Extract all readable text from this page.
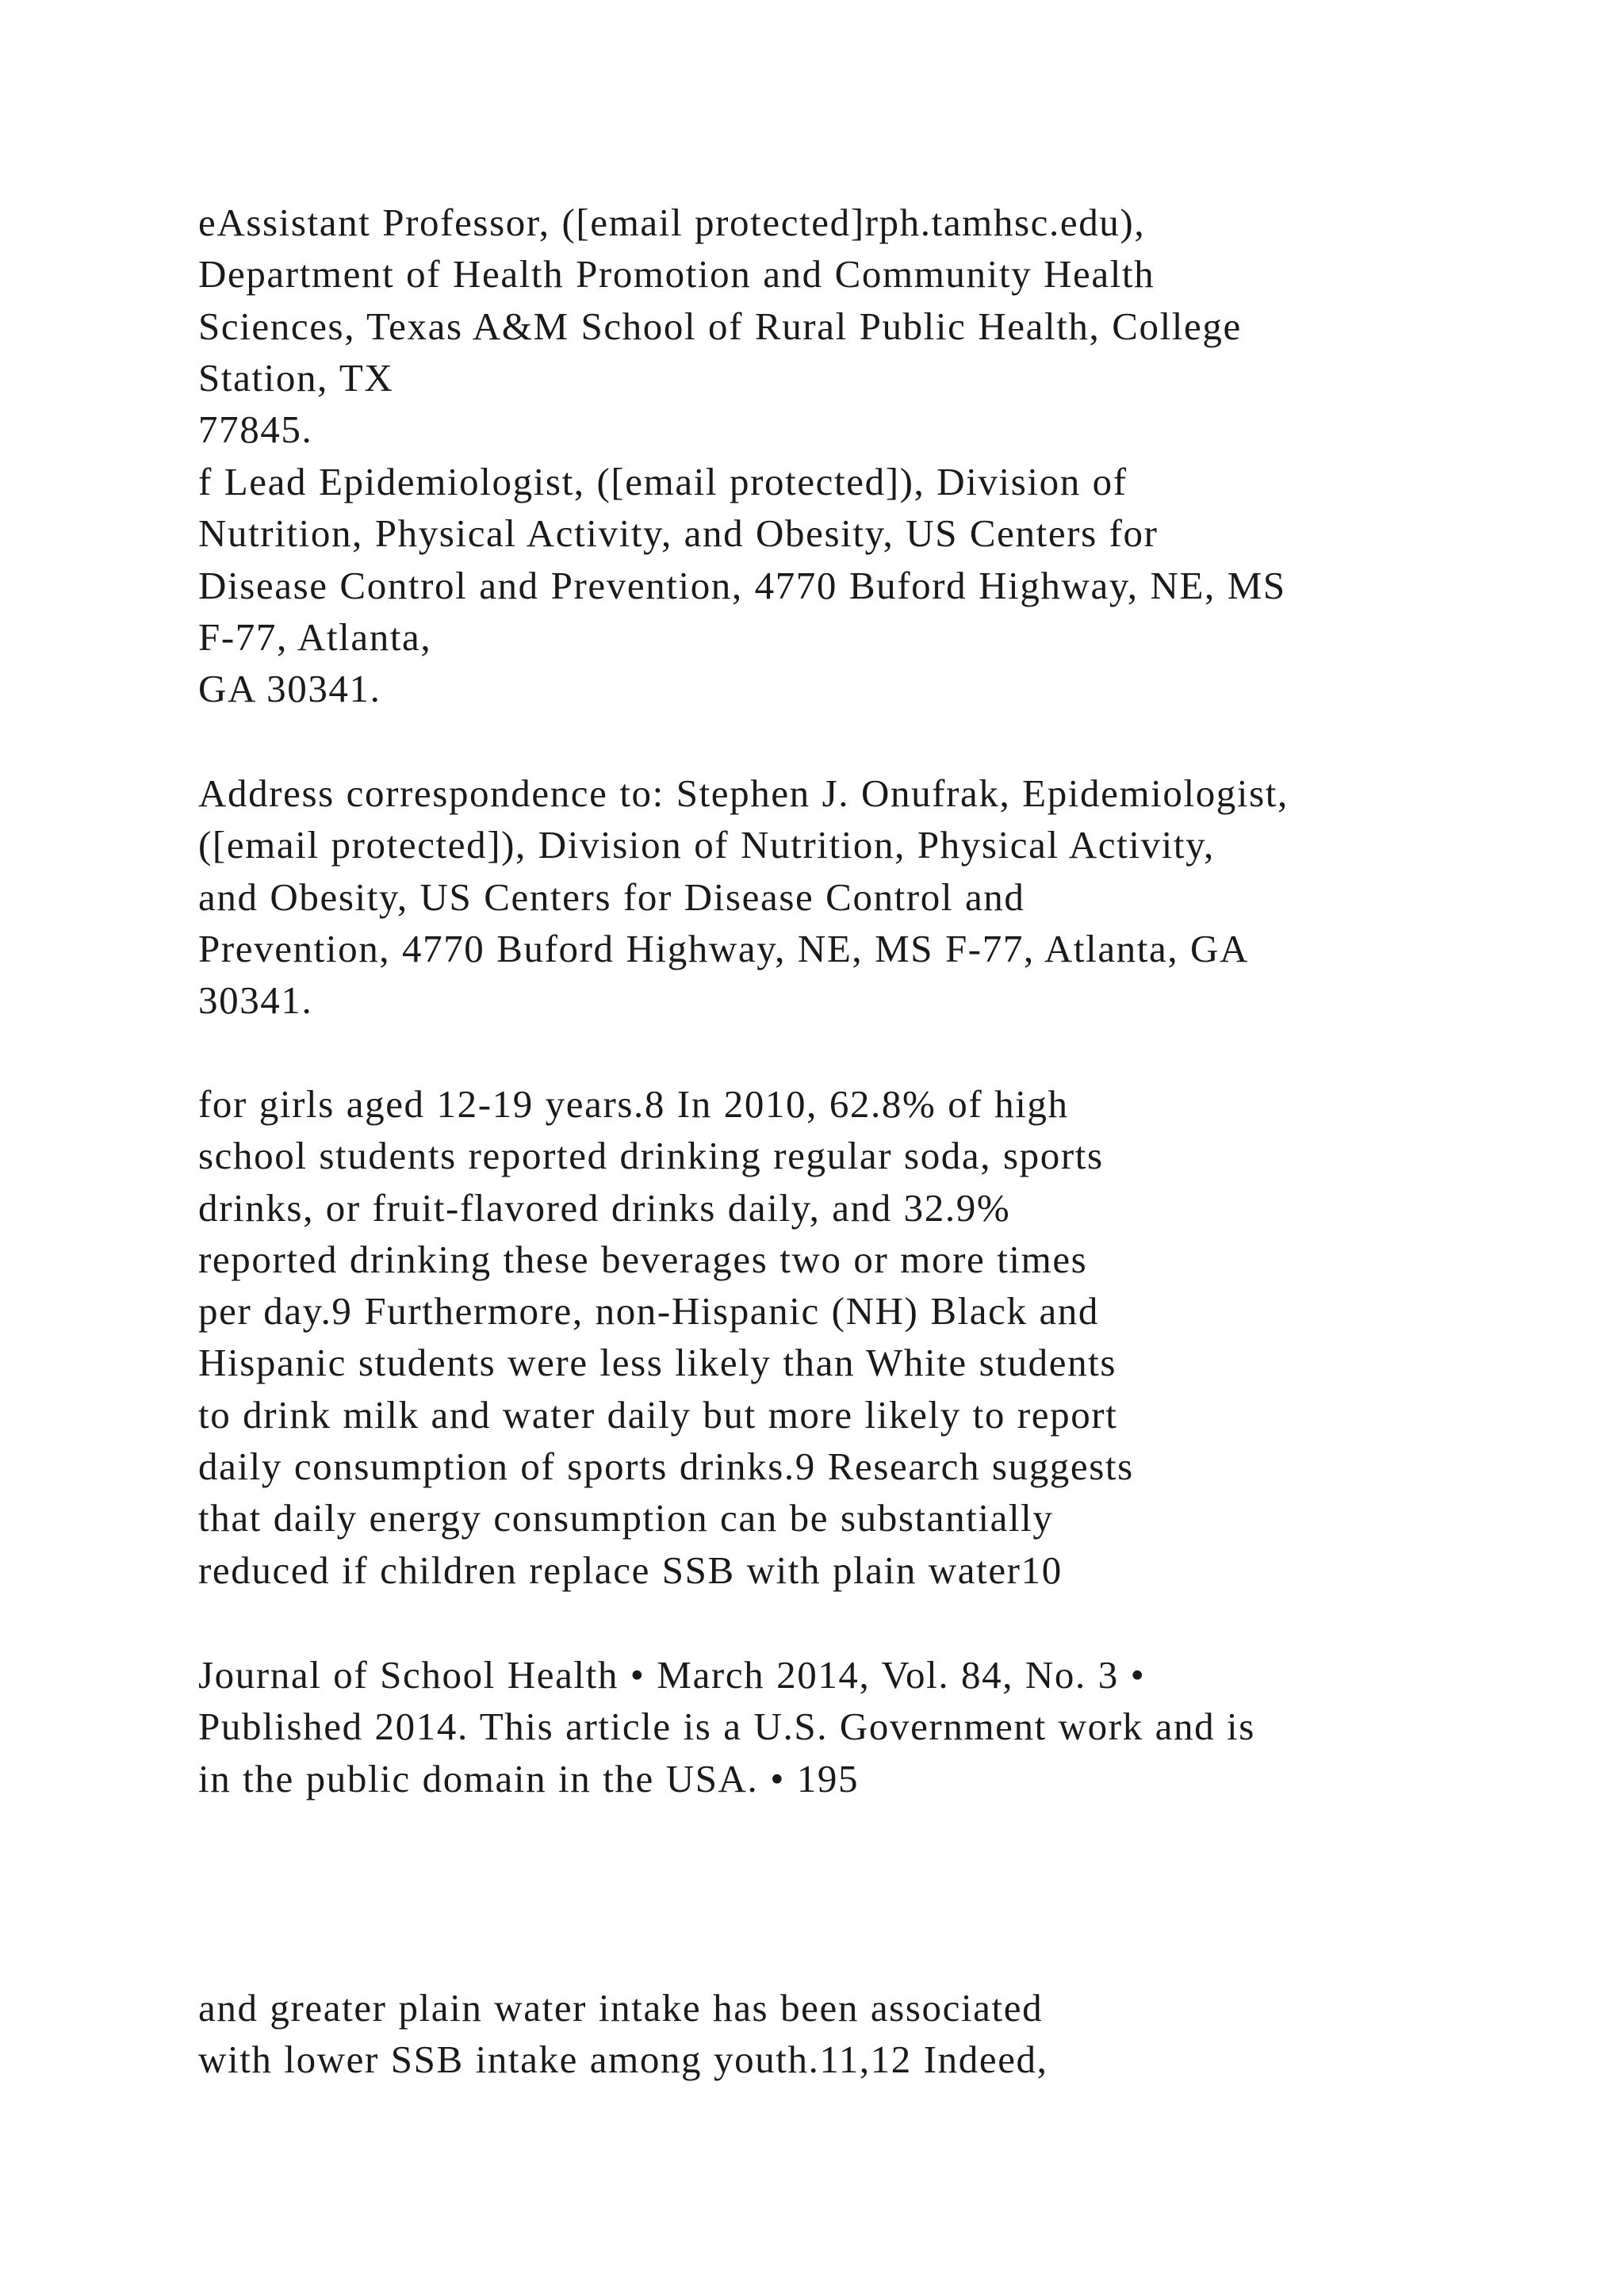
eAssistant Professor, ([email protected]rph.tamhsc.edu),
Department of Health Promotion and Community Health
Sciences, Texas A&M School of Rural Public Health, College
Station, TX
77845.
f Lead Epidemiologist, ([email protected]), Division of
Nutrition, Physical Activity, and Obesity, US Centers for
Disease Control and Prevention, 4770 Buford Highway, NE, MS
F-77, Atlanta,
GA 30341.
Address correspondence to: Stephen J. Onufrak, Epidemiologist,
([email protected]), Division of Nutrition, Physical Activity,
and Obesity, US Centers for Disease Control and
Prevention, 4770 Buford Highway, NE, MS F-77, Atlanta, GA
30341.
for girls aged 12-19 years.8 In 2010, 62.8% of high
school students reported drinking regular soda, sports
drinks, or fruit-flavored drinks daily, and 32.9%
reported drinking these beverages two or more times
per day.9 Furthermore, non-Hispanic (NH) Black and
Hispanic students were less likely than White students
to drink milk and water daily but more likely to report
daily consumption of sports drinks.9 Research suggests
that daily energy consumption can be substantially
reduced if children replace SSB with plain water10
Journal of School Health • March 2014, Vol. 84, No. 3 •
Published 2014. This article is a U.S. Government work and is
in the public domain in the USA. • 195
and greater plain water intake has been associated
with lower SSB intake among youth.11,12 Indeed,
